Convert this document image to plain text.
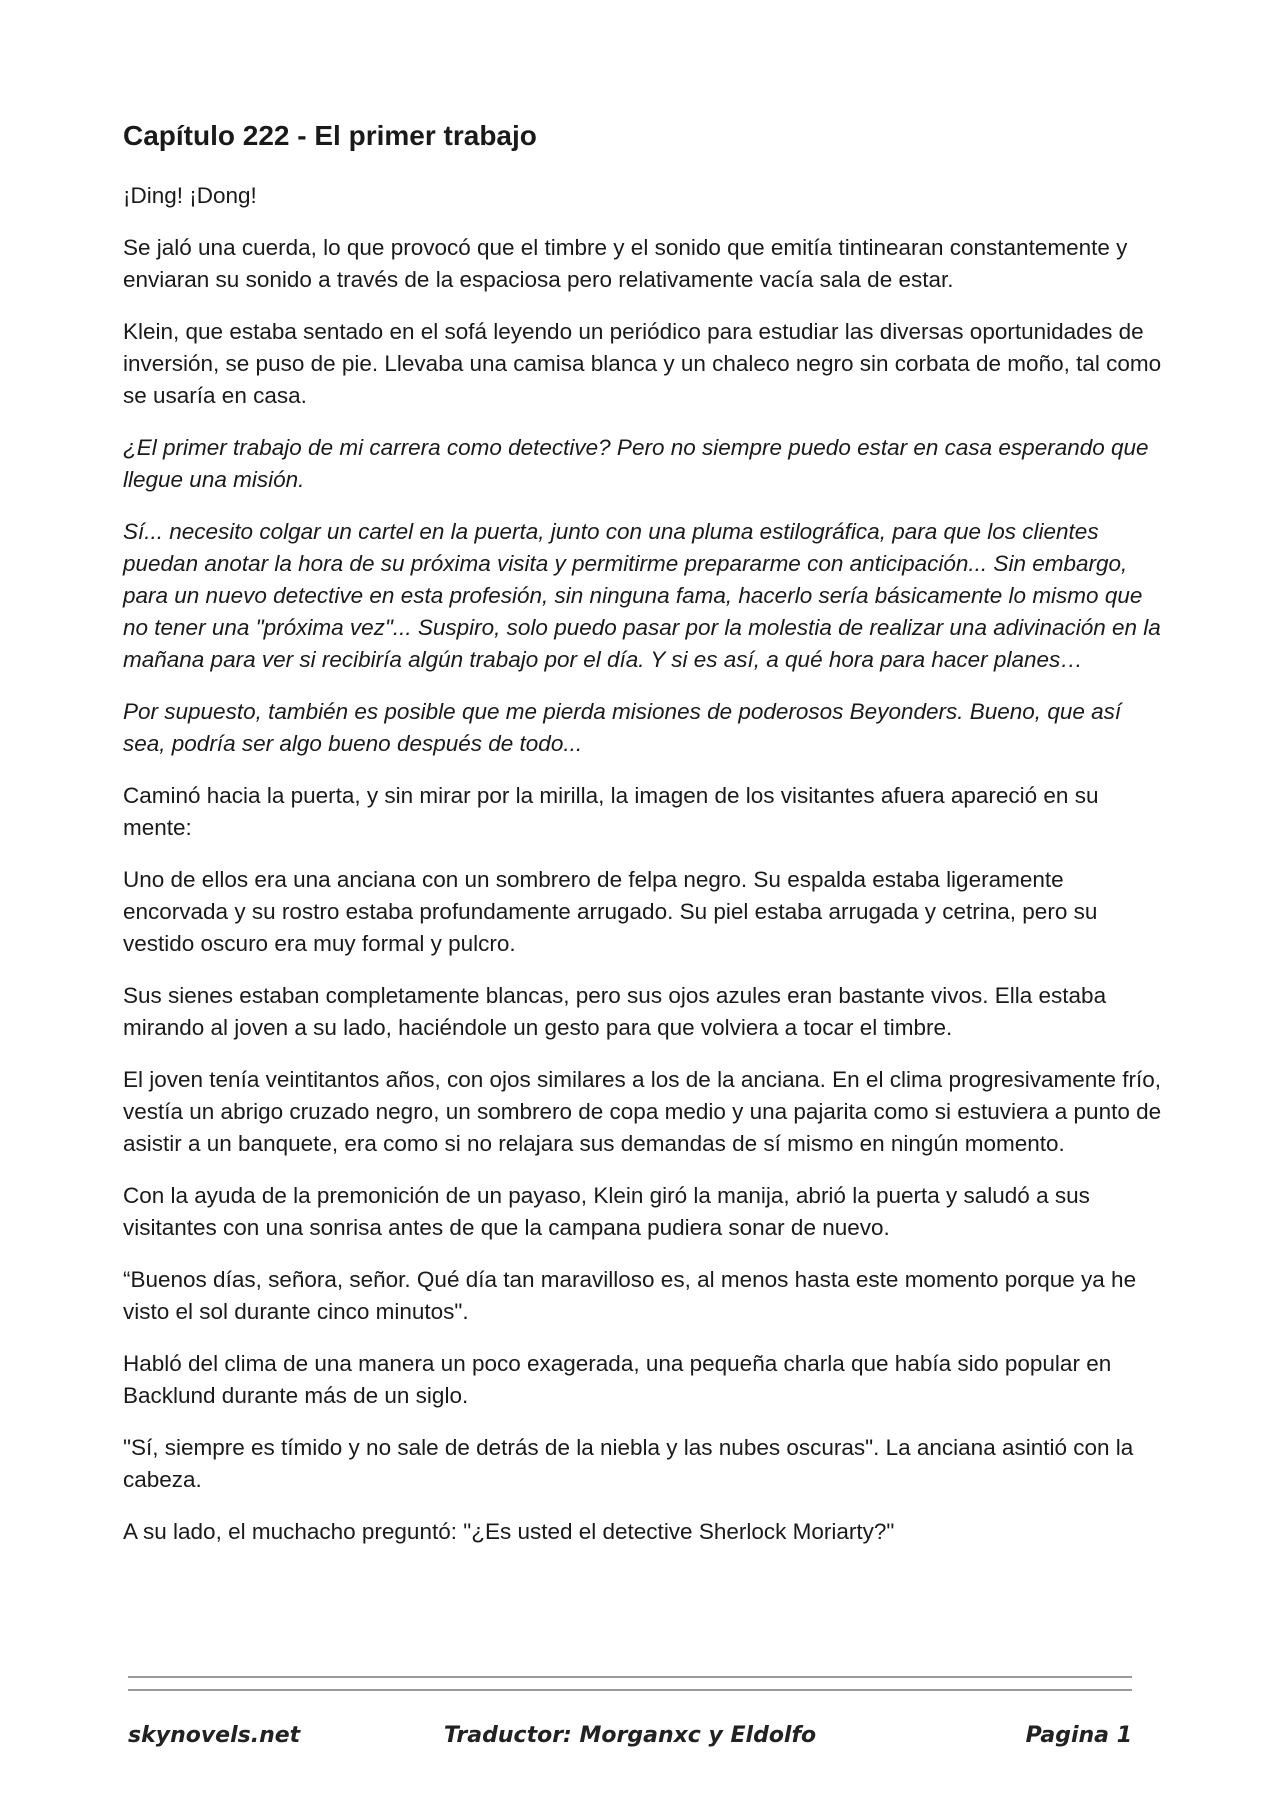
Capítulo 222 - El primer trabajo

¡Ding! ¡Dong!

Se jaló una cuerda, lo que provocó que el timbre y el sonido que emitía tintinearan constantemente y enviaran su sonido a través de la espaciosa pero relativamente vacía sala de estar.

Klein, que estaba sentado en el sofá leyendo un periódico para estudiar las diversas oportunidades de inversión, se puso de pie. Llevaba una camisa blanca y un chaleco negro sin corbata de moño, tal como se usaría en casa.

¿El primer trabajo de mi carrera como detective? Pero no siempre puedo estar en casa esperando que llegue una misión.

Sí... necesito colgar un cartel en la puerta, junto con una pluma estilográfica, para que los clientes puedan anotar la hora de su próxima visita y permitirme prepararme con anticipación... Sin embargo, para un nuevo detective en esta profesión, sin ninguna fama, hacerlo sería básicamente lo mismo que no tener una "próxima vez"... Suspiro, solo puedo pasar por la molestia de realizar una adivinación en la mañana para ver si recibiría algún trabajo por el día. Y si es así, a qué hora para hacer planes…

Por supuesto, también es posible que me pierda misiones de poderosos Beyonders. Bueno, que así sea, podría ser algo bueno después de todo...

Caminó hacia la puerta, y sin mirar por la mirilla, la imagen de los visitantes afuera apareció en su mente:

Uno de ellos era una anciana con un sombrero de felpa negro. Su espalda estaba ligeramente encorvada y su rostro estaba profundamente arrugado. Su piel estaba arrugada y cetrina, pero su vestido oscuro era muy formal y pulcro.

Sus sienes estaban completamente blancas, pero sus ojos azules eran bastante vivos. Ella estaba mirando al joven a su lado, haciéndole un gesto para que volviera a tocar el timbre.

El joven tenía veintitantos años, con ojos similares a los de la anciana. En el clima progresivamente frío, vestía un abrigo cruzado negro, un sombrero de copa medio y una pajarita como si estuviera a punto de asistir a un banquete, era como si no relajara sus demandas de sí mismo en ningún momento.

Con la ayuda de la premonición de un payaso, Klein giró la manija, abrió la puerta y saludó a sus visitantes con una sonrisa antes de que la campana pudiera sonar de nuevo.

“Buenos días, señora, señor. Qué día tan maravilloso es, al menos hasta este momento porque ya he visto el sol durante cinco minutos".

Habló del clima de una manera un poco exagerada, una pequeña charla que había sido popular en Backlund durante más de un siglo.

"Sí, siempre es tímido y no sale de detrás de la niebla y las nubes oscuras". La anciana asintió con la cabeza.

A su lado, el muchacho preguntó: "¿Es usted el detective Sherlock Moriarty?"

skynovels.net	Traductor: Morganxc y Eldolfo	Pagina 1
